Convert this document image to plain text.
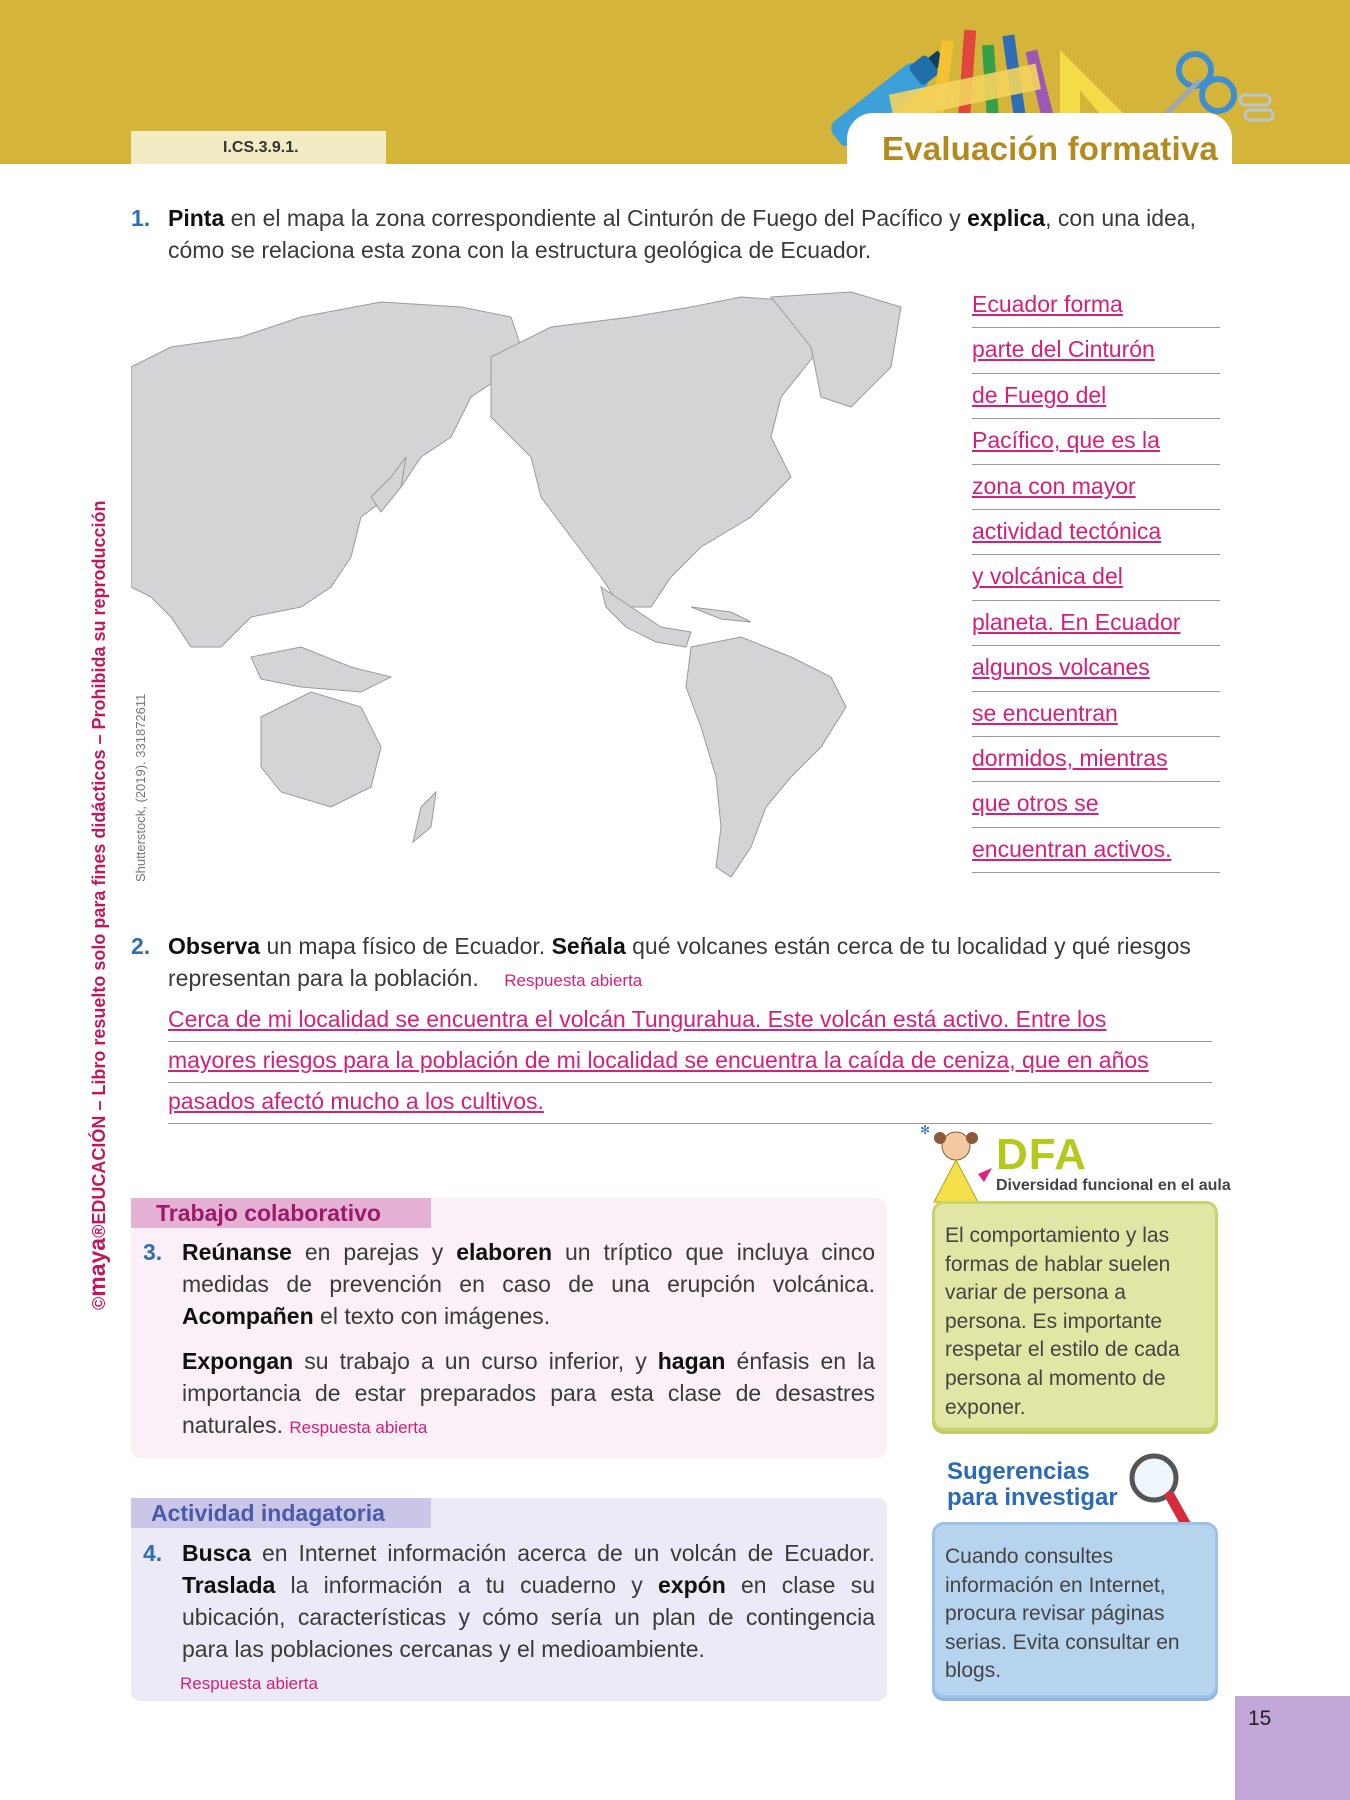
I.CS.3.9.1.	Evaluación formativa
©maya®EDUCACIÓN – Libro resuelto solo para fines didácticos – Prohibida su reproducción Shutterstock, (2019). 331872611
1. Pinta en el mapa la zona correspondiente al Cinturón de Fuego del Pacífico y explica, con una idea,
cómo se relaciona esta zona con la estructura geológica de Ecuador.
Ecuador forma
parte del Cinturón
de Fuego del
Pacífico, que es la
zona con mayor
actividad tectónica
y volcánica del
planeta. En Ecuador
algunos volcanes
se encuentran
dormidos, mientras
que otros se
encuentran activos.
2. Observa un mapa físico de Ecuador. Señala qué volcanes están cerca de tu localidad y qué riesgos
representan para la población. Respuesta abierta
Cerca de mi localidad se encuentra el volcán Tungurahua. Este volcán está activo. Entre los
mayores riesgos para la población de mi localidad se encuentra la caída de ceniza, que en años
pasados afectó mucho a los cultivos.
Trabajo colaborativo
3. Reúnanse en parejas y elaboren un tríptico que incluya cinco medidas de prevención en caso de una erupción volcánica. Acompañen el texto con imágenes.

Expongan su trabajo a un curso inferior, y hagan énfasis en la importancia de estar preparados para esta clase de desastres naturales. Respuesta abierta

Actividad indagatoria
4. Busca en Internet información acerca de un volcán de Ecuador. Traslada la información a tu cuaderno y expón en clase su ubicación, características y cómo sería un plan de contingencia para las poblaciones cercanas y el medioambiente.

Respuesta abierta

✻ DFA
Diversidad funcional en el aula

El comportamiento y las formas de hablar suelen variar de persona a persona. Es importante respetar el estilo de cada persona al momento de exponer.

Sugerencias
para investigar

Cuando consultes información en Internet, procura revisar páginas serias. Evita consultar en blogs.

15
